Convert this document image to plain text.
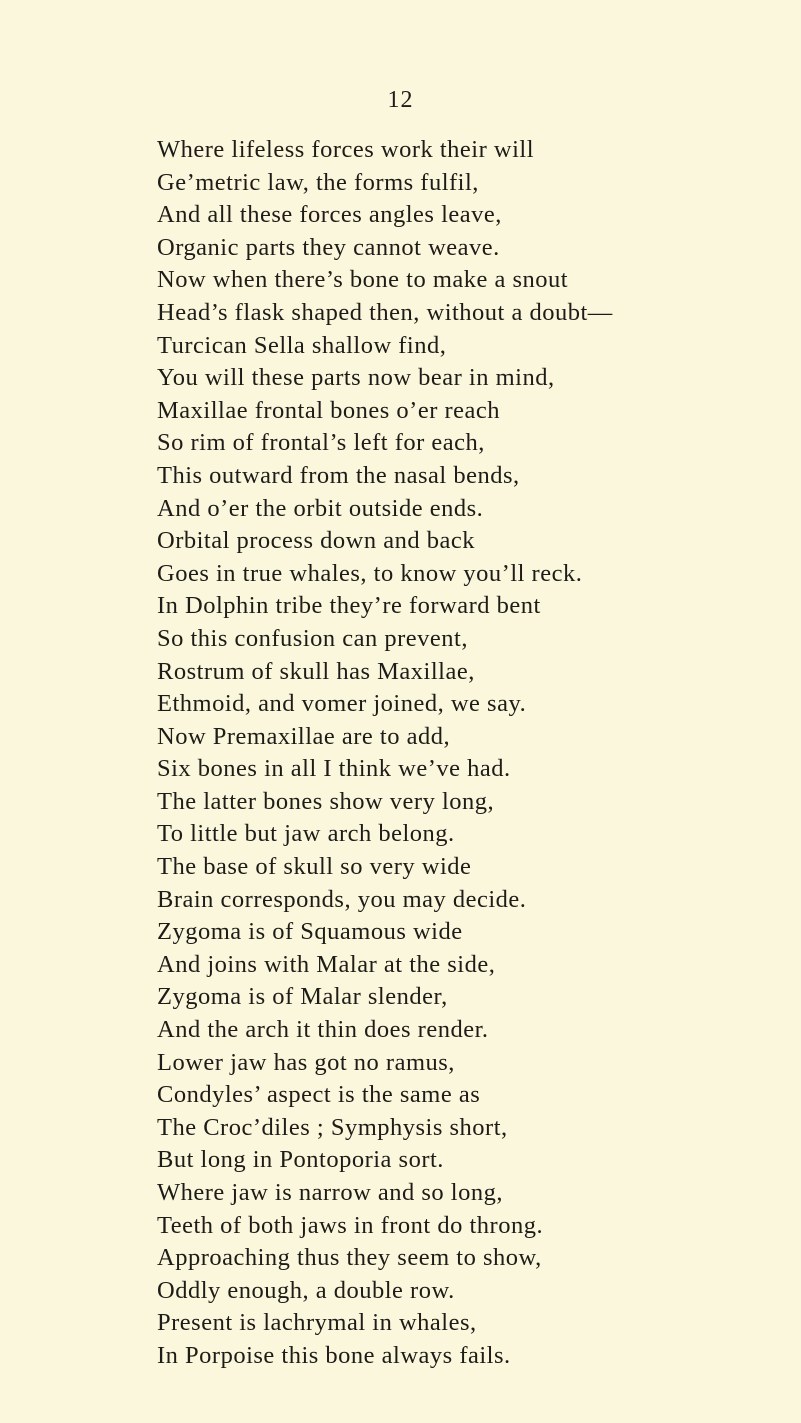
12
Where lifeless forces work their will
Ge’metric law, the forms fulfil,
And all these forces angles leave,
Organic parts they cannot weave.
Now when there’s bone to make a snout
Head’s flask shaped then, without a doubt—
Turcican Sella shallow find,
You will these parts now bear in mind,
Maxillae frontal bones o’er reach
So rim of frontal’s left for each,
This outward from the nasal bends,
And o’er the orbit outside ends.
Orbital process down and back
Goes in true whales, to know you’ll reck.
In Dolphin tribe they’re forward bent
So this confusion can prevent,
Rostrum of skull has Maxillae,
Ethmoid, and vomer joined, we say.
Now Premaxillae are to add,
Six bones in all I think we’ve had.
The latter bones show very long,
To little but jaw arch belong.
The base of skull so very wide
Brain corresponds, you may decide.
Zygoma is of Squamous wide
And joins with Malar at the side,
Zygoma is of Malar slender,
And the arch it thin does render.
Lower jaw has got no ramus,
Condyles’ aspect is the same as
The Croc’diles ; Symphysis short,
But long in Pontoporia sort.
Where jaw is narrow and so long,
Teeth of both jaws in front do throng.
Approaching thus they seem to show,
Oddly enough, a double row.
Present is lachrymal in whales,
In Porpoise this bone always fails.
